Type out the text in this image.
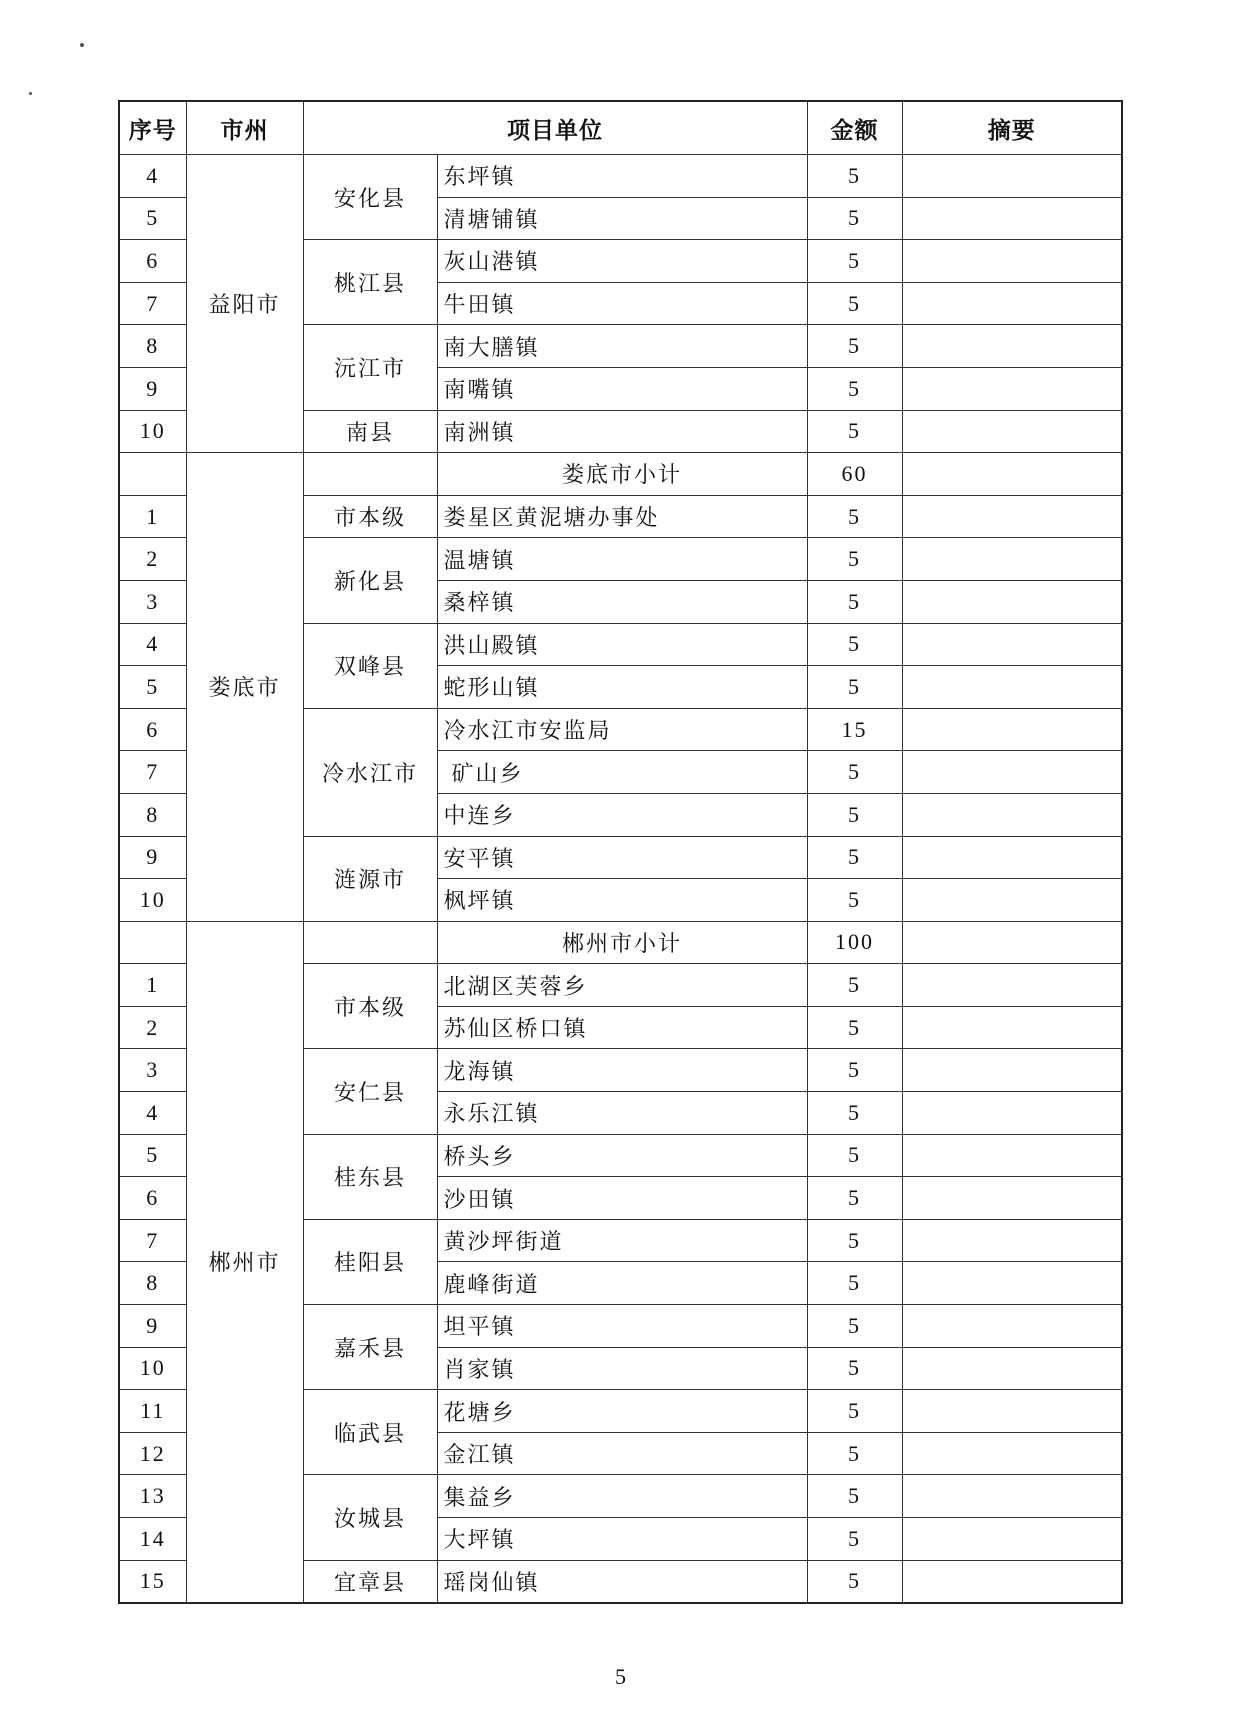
序号	市州	项目单位		金额	摘要
4	益阳市	安化县	东坪镇	5	
5			清塘铺镇	5	
6		桃江县	灰山港镇	5	
7			牛田镇	5	
8		沅江市	南大膳镇	5	
9			南嘴镇	5	
10		南县	南洲镇	5	
	娄底市		娄底市小计	60	
1		市本级	娄星区黄泥塘办事处	5	
2		新化县	温塘镇	5	
3			桑梓镇	5	
4		双峰县	洪山殿镇	5	
5			蛇形山镇	5	
6		冷水江市	冷水江市安监局	15	
7			矿山乡	5	
8			中连乡	5	
9		涟源市	安平镇	5	
10			枫坪镇	5	
	郴州市		郴州市小计	100	
1		市本级	北湖区芙蓉乡	5	
2			苏仙区桥口镇	5	
3		安仁县	龙海镇	5	
4			永乐江镇	5	
5		桂东县	桥头乡	5	
6			沙田镇	5	
7		桂阳县	黄沙坪街道	5	
8			鹿峰街道	5	
9		嘉禾县	坦平镇	5	
10			肖家镇	5	
11		临武县	花塘乡	5	
12			金江镇	5	
13		汝城县	集益乡	5	
14			大坪镇	5	
15		宜章县	瑶岗仙镇	5	
5
